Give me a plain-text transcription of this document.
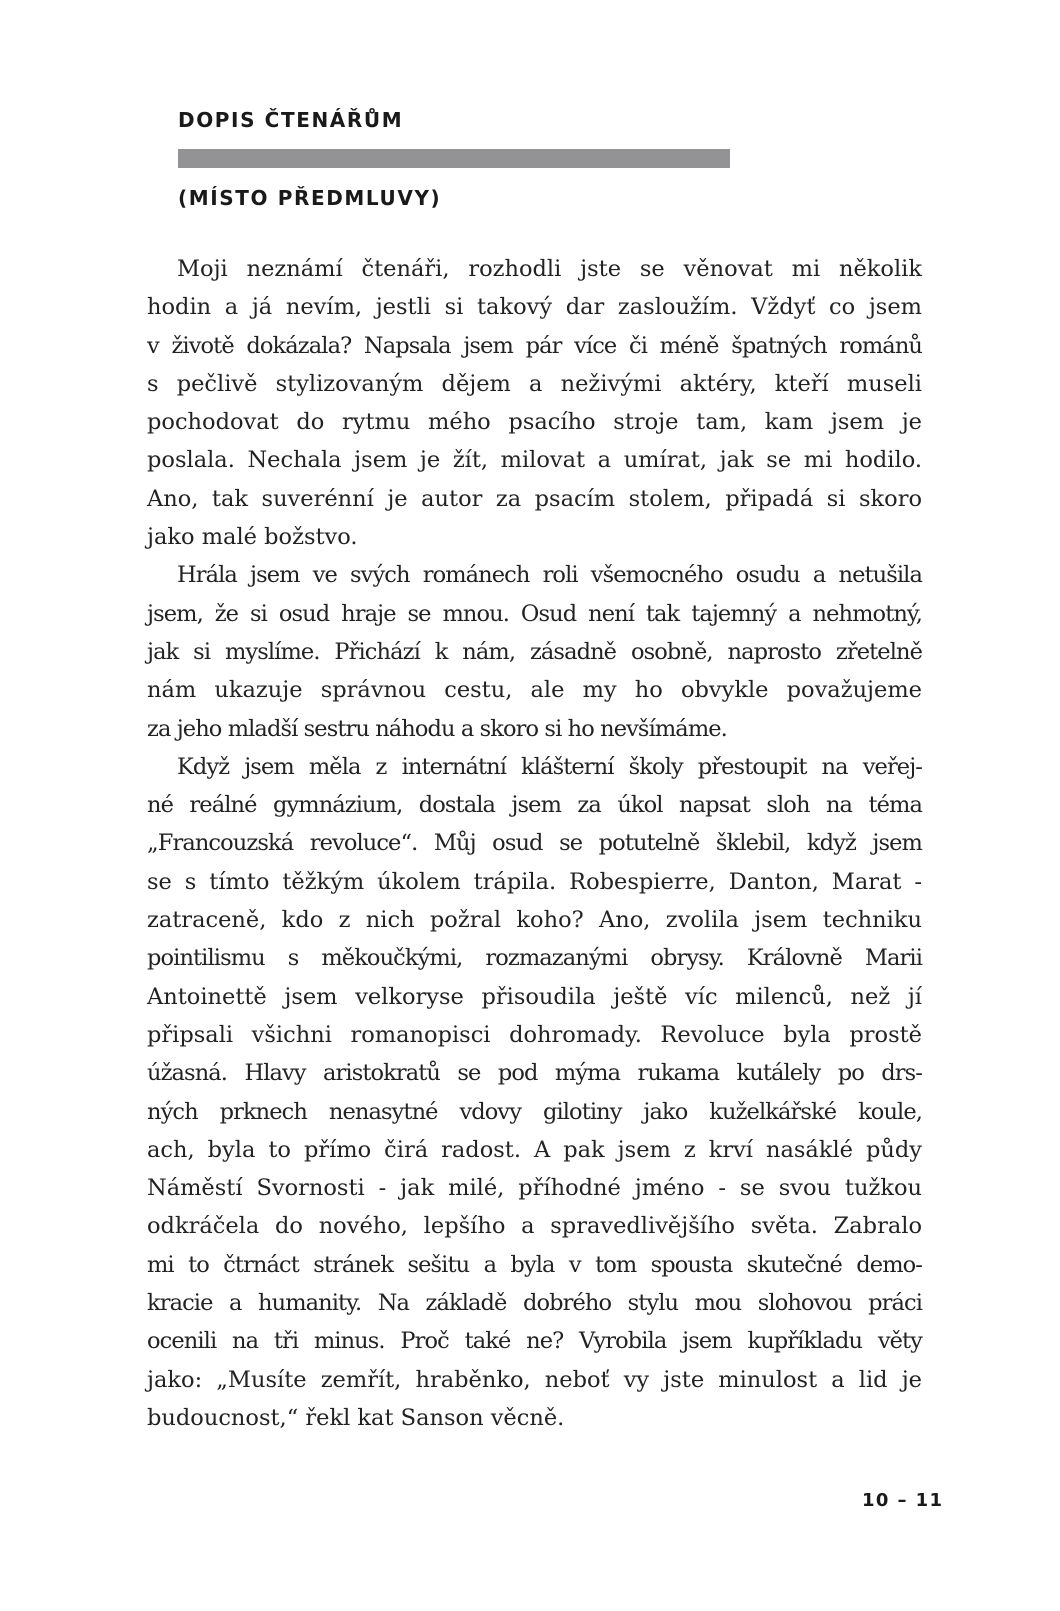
DOPIS ČTENÁŘŮM
(MÍSTO PŘEDMLUVY)
Moji neznámí čtenáři, rozhodli jste se věnovat mi několik
hodin a já nevím, jestli si takový dar zasloužím. Vždyť co jsem
v životě dokázala? Napsala jsem pár více či méně špatných románů
s pečlivě stylizovaným dějem a neživými aktéry, kteří museli
pochodovat do rytmu mého psacího stroje tam, kam jsem je
poslala. Nechala jsem je žít, milovat a umírat, jak se mi hodilo.
Ano, tak suverénní je autor za psacím stolem, připadá si skoro
jako malé božstvo.
Hrála jsem ve svých románech roli všemocného osudu a netušila
jsem, že si osud hraje se mnou. Osud není tak tajemný a nehmotný,
jak si myslíme. Přichází k nám, zásadně osobně, naprosto zřetelně
nám ukazuje správnou cestu, ale my ho obvykle považujeme
za jeho mladší sestru náhodu a skoro si ho nevšímáme.
Když jsem měla z internátní klášterní školy přestoupit na veřej-
né reálné gymnázium, dostala jsem za úkol napsat sloh na téma
„Francouzská revoluce“. Můj osud se potutelně šklebil, když jsem
se s tímto těžkým úkolem trápila. Robespierre, Danton, Marat -
zatraceně, kdo z nich požral koho? Ano, zvolila jsem techniku
pointilismu s měkoučkými, rozmazanými obrysy. Královně Marii
Antoinettě jsem velkoryse přisoudila ještě víc milenců, než jí
připsali všichni romanopisci dohromady. Revoluce byla prostě
úžasná. Hlavy aristokratů se pod mýma rukama kutálely po drs-
ných prknech nenasytné vdovy gilotiny jako kuželkářské koule,
ach, byla to přímo čirá radost. A pak jsem z krví nasáklé půdy
Náměstí Svornosti - jak milé, příhodné jméno - se svou tužkou
odkráčela do nového, lepšího a spravedlivějšího světa. Zabralo
mi to čtrnáct stránek sešitu a byla v tom spousta skutečné demo-
kracie a humanity. Na základě dobrého stylu mou slohovou práci
ocenili na tři minus. Proč také ne? Vyrobila jsem kupříkladu věty
jako: „Musíte zemřít, hraběnko, neboť vy jste minulost a lid je
budoucnost,“ řekl kat Sanson věcně.
10 – 11
